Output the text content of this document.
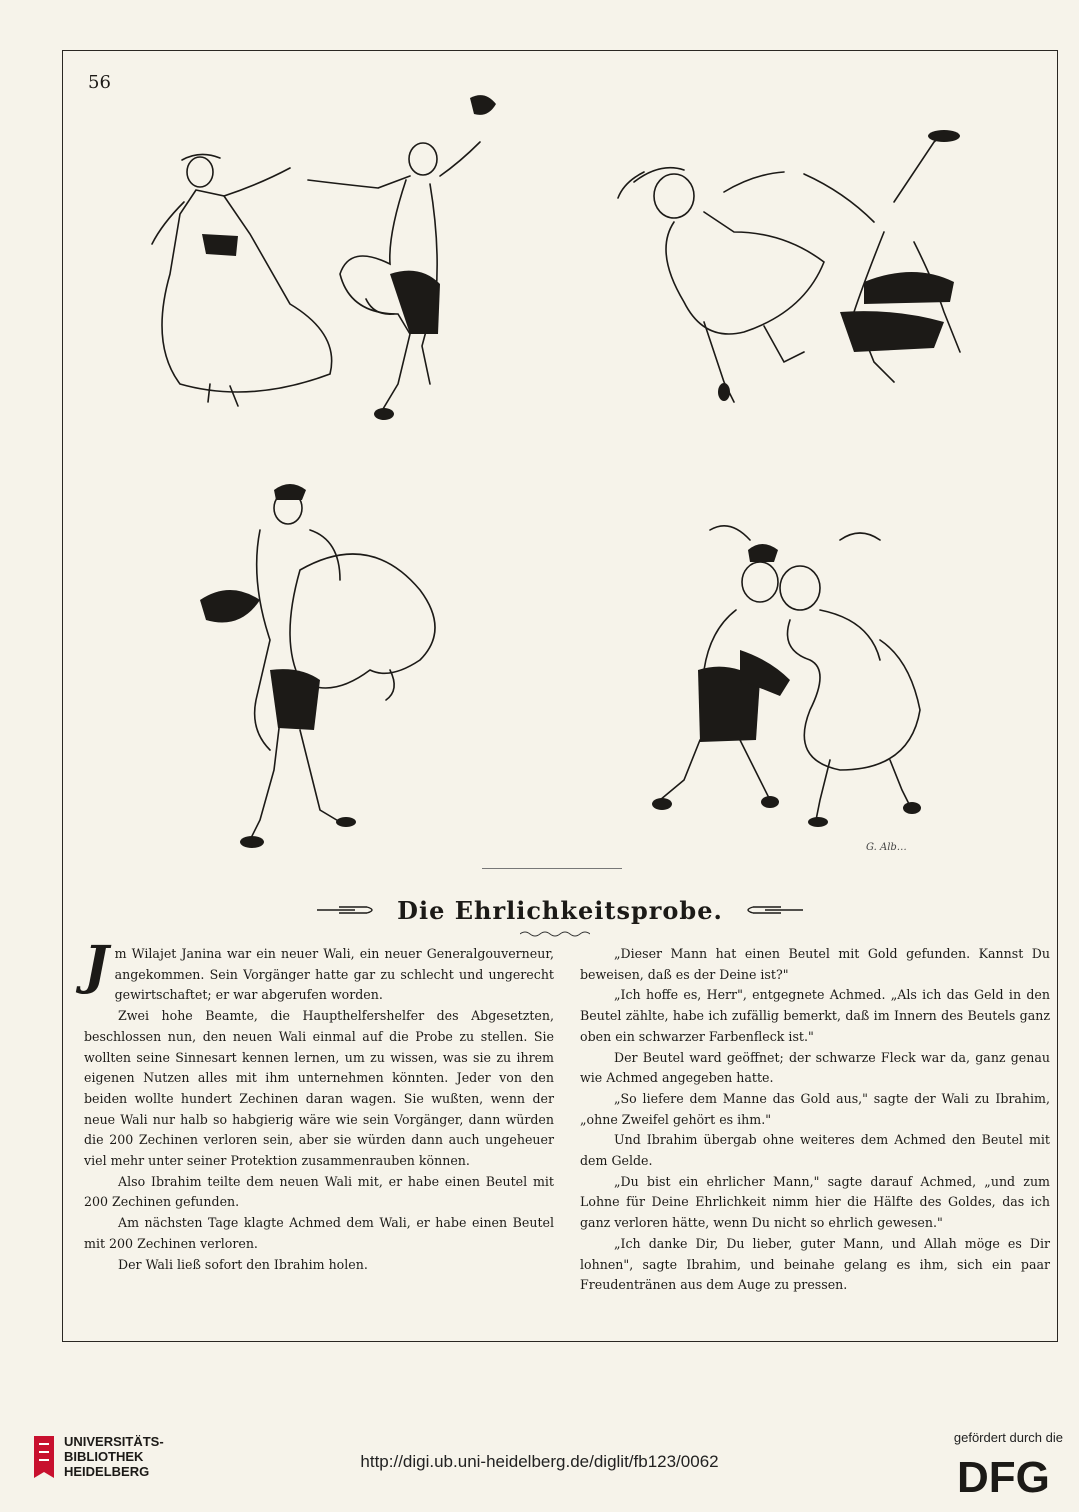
56
G. Alb…
Die Ehrlichkeitsprobe.

Jm Wilajet Janina war ein neuer Wali, ein neuer Generalgouverneur, angekommen. Sein Vorgänger hatte gar zu schlecht und ungerecht gewirtschaftet; er war abgerufen worden.

Zwei hohe Beamte, die Haupthelfershelfer des Abgesetzten, beschlossen nun, den neuen Wali einmal auf die Probe zu stellen. Sie wollten seine Sinnesart kennen lernen, um zu wissen, was sie zu ihrem eigenen Nutzen alles mit ihm unternehmen könnten. Jeder von den beiden wollte hundert Zechinen daran wagen. Sie wußten, wenn der neue Wali nur halb so habgierig wäre wie sein Vorgänger, dann würden die 200 Zechinen verloren sein, aber sie würden dann auch ungeheuer viel mehr unter seiner Protektion zusammenrauben können.

Also Ibrahim teilte dem neuen Wali mit, er habe einen Beutel mit 200 Zechinen gefunden.

Am nächsten Tage klagte Achmed dem Wali, er habe einen Beutel mit 200 Zechinen verloren.

Der Wali ließ sofort den Ibrahim holen.

„Dieser Mann hat einen Beutel mit Gold gefunden. Kannst Du beweisen, daß es der Deine ist?"

„Ich hoffe es, Herr", entgegnete Achmed. „Als ich das Geld in den Beutel zählte, habe ich zufällig bemerkt, daß im Innern des Beutels ganz oben ein schwarzer Farbenfleck ist."

Der Beutel ward geöffnet; der schwarze Fleck war da, ganz genau wie Achmed angegeben hatte.

„So liefere dem Manne das Gold aus," sagte der Wali zu Ibrahim, „ohne Zweifel gehört es ihm."

Und Ibrahim übergab ohne weiteres dem Achmed den Beutel mit dem Gelde.

„Du bist ein ehrlicher Mann," sagte darauf Achmed, „und zum Lohne für Deine Ehrlichkeit nimm hier die Hälfte des Goldes, das ich ganz verloren hätte, wenn Du nicht so ehrlich gewesen."

„Ich danke Dir, Du lieber, guter Mann, und Allah möge es Dir lohnen", sagte Ibrahim, und beinahe gelang es ihm, sich ein paar Freudentränen aus dem Auge zu pressen.

UNIVERSITÄTS-
BIBLIOTHEK
HEIDELBERG
http://digi.ub.uni-heidelberg.de/diglit/fb123/0062
gefördert durch die
DFG
